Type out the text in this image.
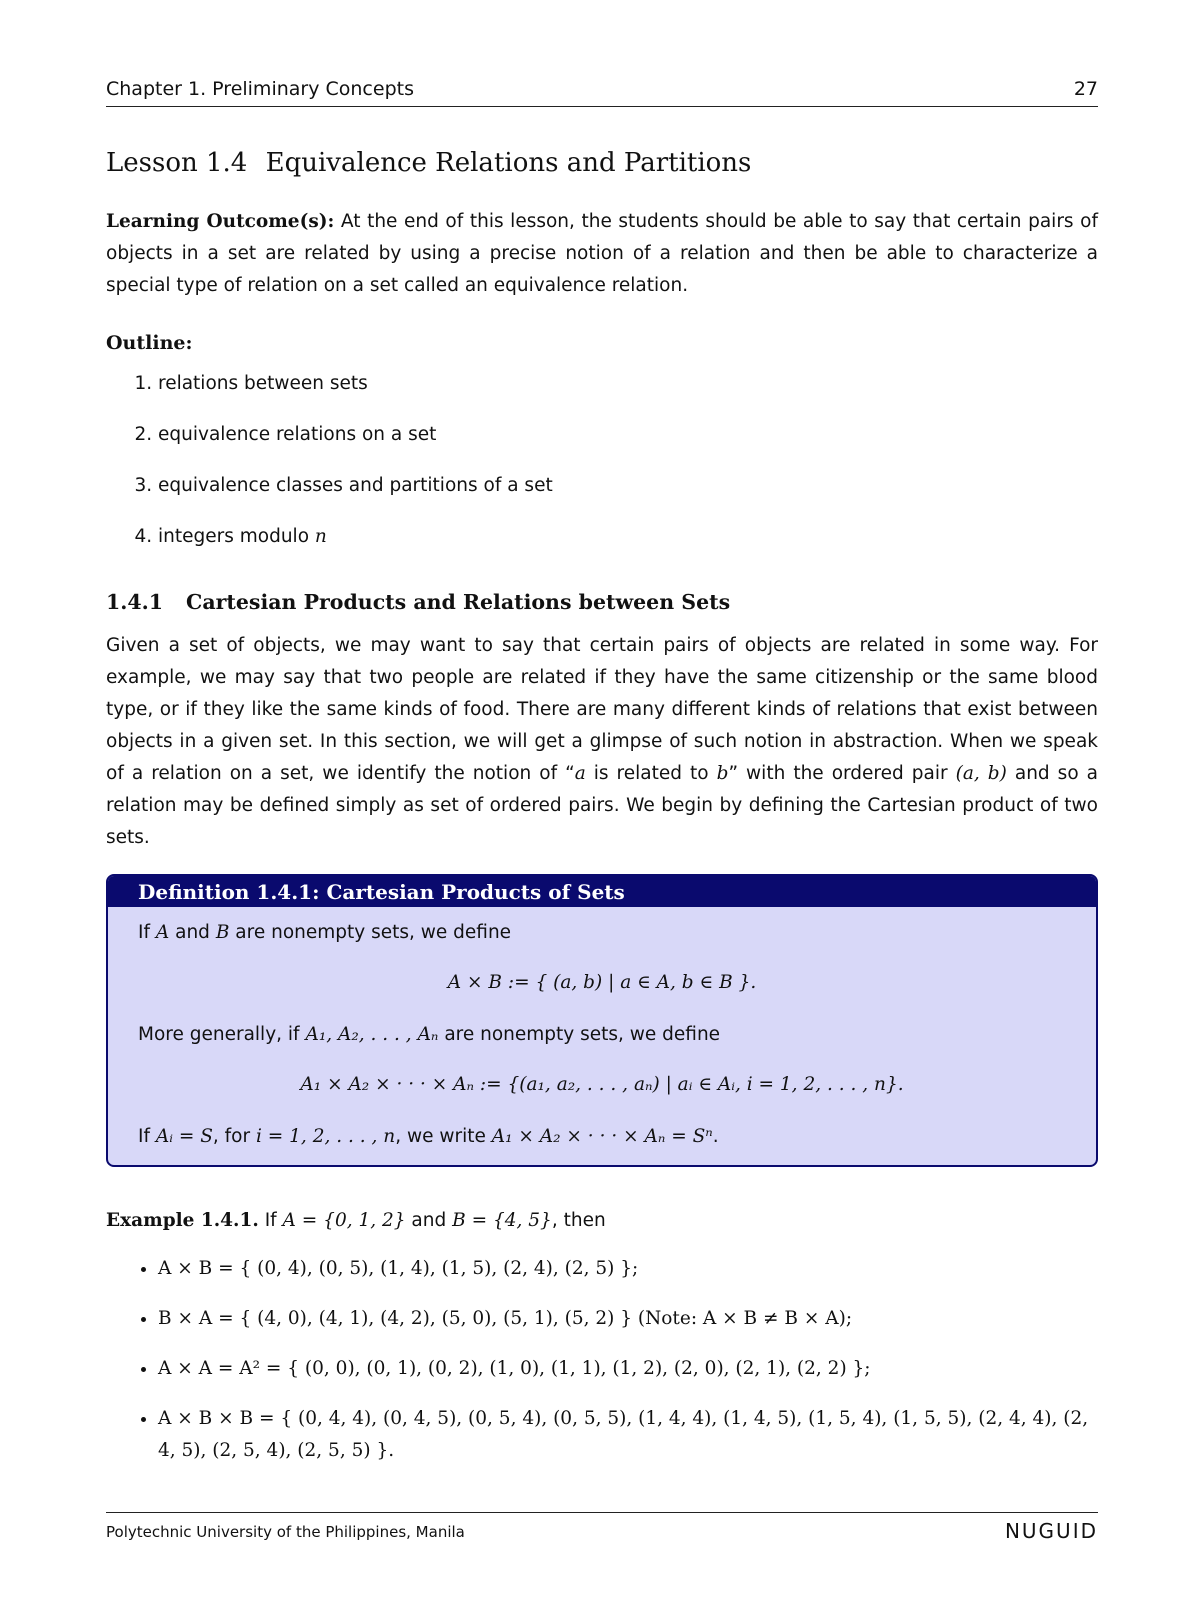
Chapter 1. Preliminary Concepts	27
Lesson 1.4 Equivalence Relations and Partitions

Learning Outcome(s): At the end of this lesson, the students should be able to say that certain pairs of objects in a set are related by using a precise notion of a relation and then be able to characterize a special type of relation on a set called an equivalence relation.

Outline:
1. relations between sets
2. equivalence relations on a set
3. equivalence classes and partitions of a set
4. integers modulo n
1.4.1 Cartesian Products and Relations between Sets

Given a set of objects, we may want to say that certain pairs of objects are related in some way. For example, we may say that two people are related if they have the same citizenship or the same blood type, or if they like the same kinds of food. There are many different kinds of relations that exist between objects in a given set. In this section, we will get a glimpse of such notion in abstraction. When we speak of a relation on a set, we identify the notion of “a is related to b” with the ordered pair (a, b) and so a relation may be defined simply as set of ordered pairs. We begin by defining the Cartesian product of two sets.

Definition 1.4.1: Cartesian Products of Sets

If A and B are nonempty sets, we define

A × B := { (a, b) | a ∈ A, b ∈ B }.

More generally, if A₁, A₂, . . . , Aₙ are nonempty sets, we define

A₁ × A₂ × · · · × Aₙ := {(a₁, a₂, . . . , aₙ) | aᵢ ∈ Aᵢ, i = 1, 2, . . . , n}.

If Aᵢ = S, for i = 1, 2, . . . , n, we write A₁ × A₂ × · · · × Aₙ = Sⁿ.

Example 1.4.1. If A = {0, 1, 2} and B = {4, 5}, then

• A × B = { (0, 4), (0, 5), (1, 4), (1, 5), (2, 4), (2, 5) };
• B × A = { (4, 0), (4, 1), (4, 2), (5, 0), (5, 1), (5, 2) } (Note: A × B ≠ B × A);
• A × A = A² = { (0, 0), (0, 1), (0, 2), (1, 0), (1, 1), (1, 2), (2, 0), (2, 1), (2, 2) };
• A × B × B = { (0, 4, 4), (0, 4, 5), (0, 5, 4), (0, 5, 5), (1, 4, 4), (1, 4, 5), (1, 5, 4), (1, 5, 5), (2, 4, 4), (2, 4, 5), (2, 5, 4), (2, 5, 5) }.
Polytechnic University of the Philippines, Manila	NUGUID
